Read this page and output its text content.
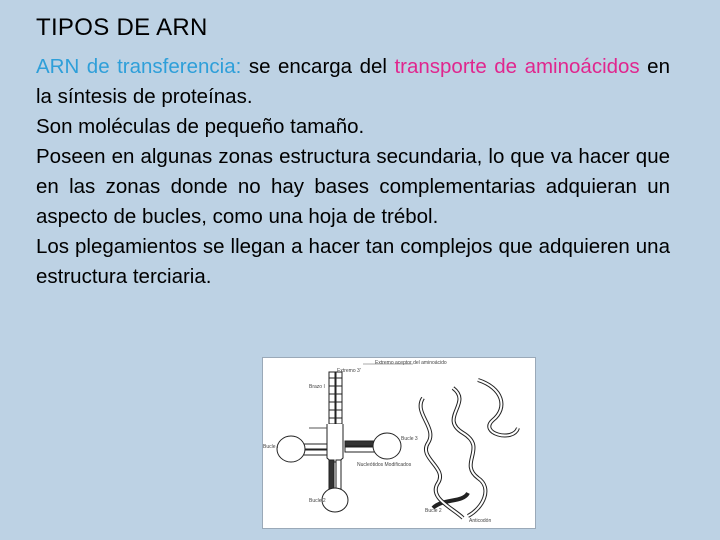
TIPOS DE ARN

ARN de transferencia: se encarga del transporte de aminoácidos en la síntesis de proteínas.

Son moléculas de pequeño tamaño.

Poseen en algunas zonas estructura secundaria, lo que va hacer que en las zonas donde no hay bases complementarias adquieran un aspecto de bucles, como una hoja de trébol.

Los plegamientos se llegan a hacer tan complejos que adquieren una estructura terciaria.

Extremo aceptor del aminoácido
Extremo 3'
Brazo I
Bucle I
Bucle 3
Nucleótidos Modificados
Bucle 2
Bucle 2
Anticodón
